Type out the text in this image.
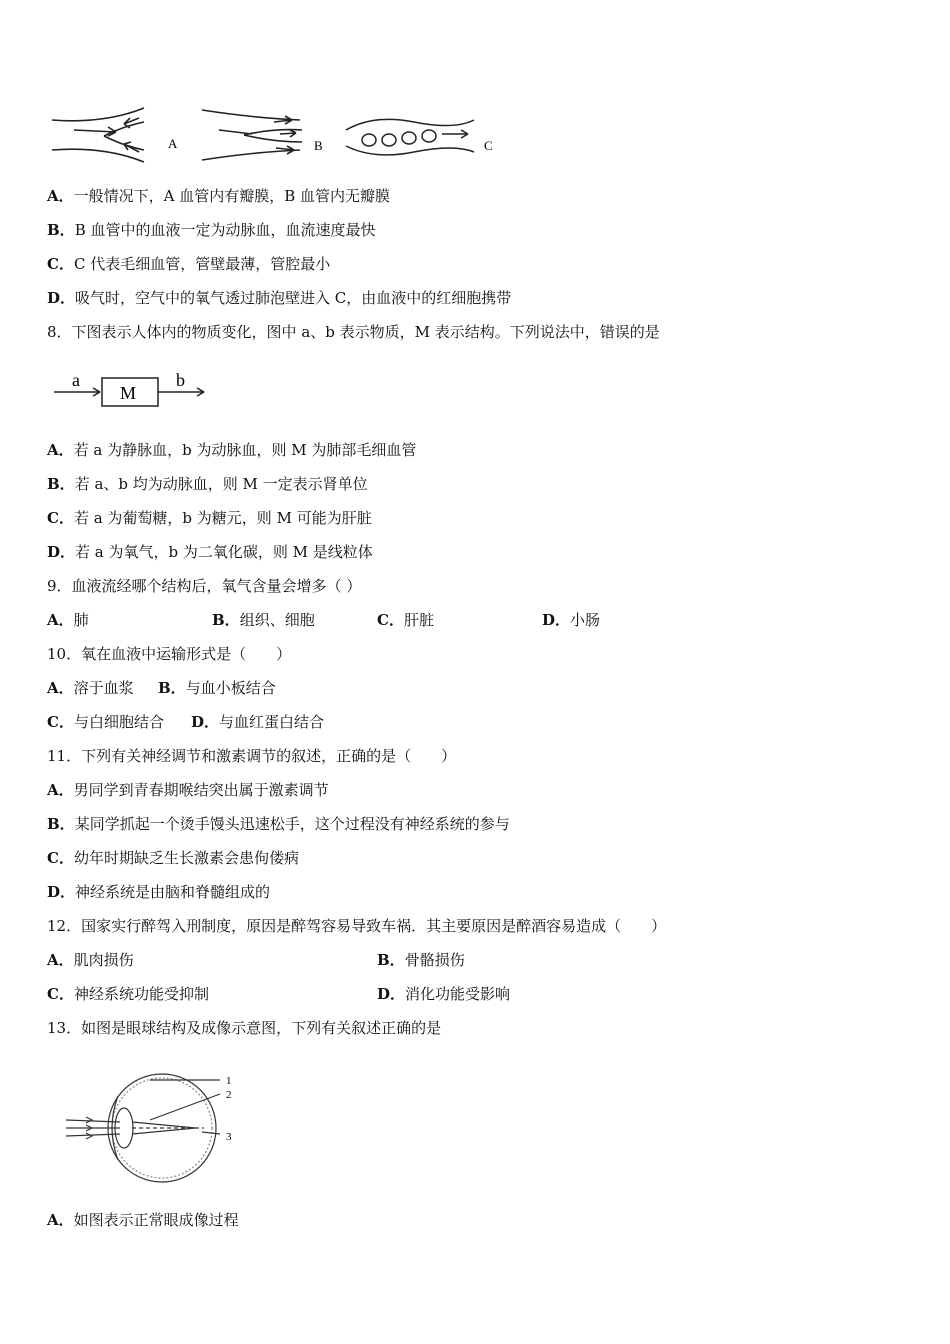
A	B	C
A．一般情况下，A 血管内有瓣膜，B 血管内无瓣膜
B．B 血管中的血液一定为动脉血，血流速度最快
C．C 代表毛细血管，管壁最薄，管腔最小
D．吸气时，空气中的氧气透过肺泡壁进入 C，由血液中的红细胞携带
8．下图表示人体内的物质变化，图中 a、b 表示物质，M 表示结构。下列说法中，错误的是
a
M
b
A．若 a 为静脉血，b 为动脉血，则 M 为肺部毛细血管
B．若 a、b 均为动脉血，则 M 一定表示肾单位
C．若 a 为葡萄糖，b 为糖元，则 M 可能为肝脏
D．若 a 为氧气，b 为二氧化碳，则 M 是线粒体
9．血液流经哪个结构后，氧气含量会增多（ ）
A．肺	B．组织、细胞	C．肝脏	D．小肠
10．氧在血液中运输形式是（　　）
A．溶于血浆 B．与血小板结合
C．与白细胞结合 D．与血红蛋白结合
11．下列有关神经调节和激素调节的叙述，正确的是（　　）
A．男同学到青春期喉结突出属于激素调节
B．某同学抓起一个烫手馒头迅速松手，这个过程没有神经系统的参与
C．幼年时期缺乏生长激素会患佝偻病
D．神经系统是由脑和脊髓组成的
12．国家实行醉驾入刑制度，原因是醉驾容易导致车祸．其主要原因是醉酒容易造成（　　）
A．肌肉损伤	B．骨骼损伤
C．神经系统功能受抑制	D．消化功能受影响
13．如图是眼球结构及成像示意图，下列有关叙述正确的是
1
2
3
A．如图表示正常眼成像过程
